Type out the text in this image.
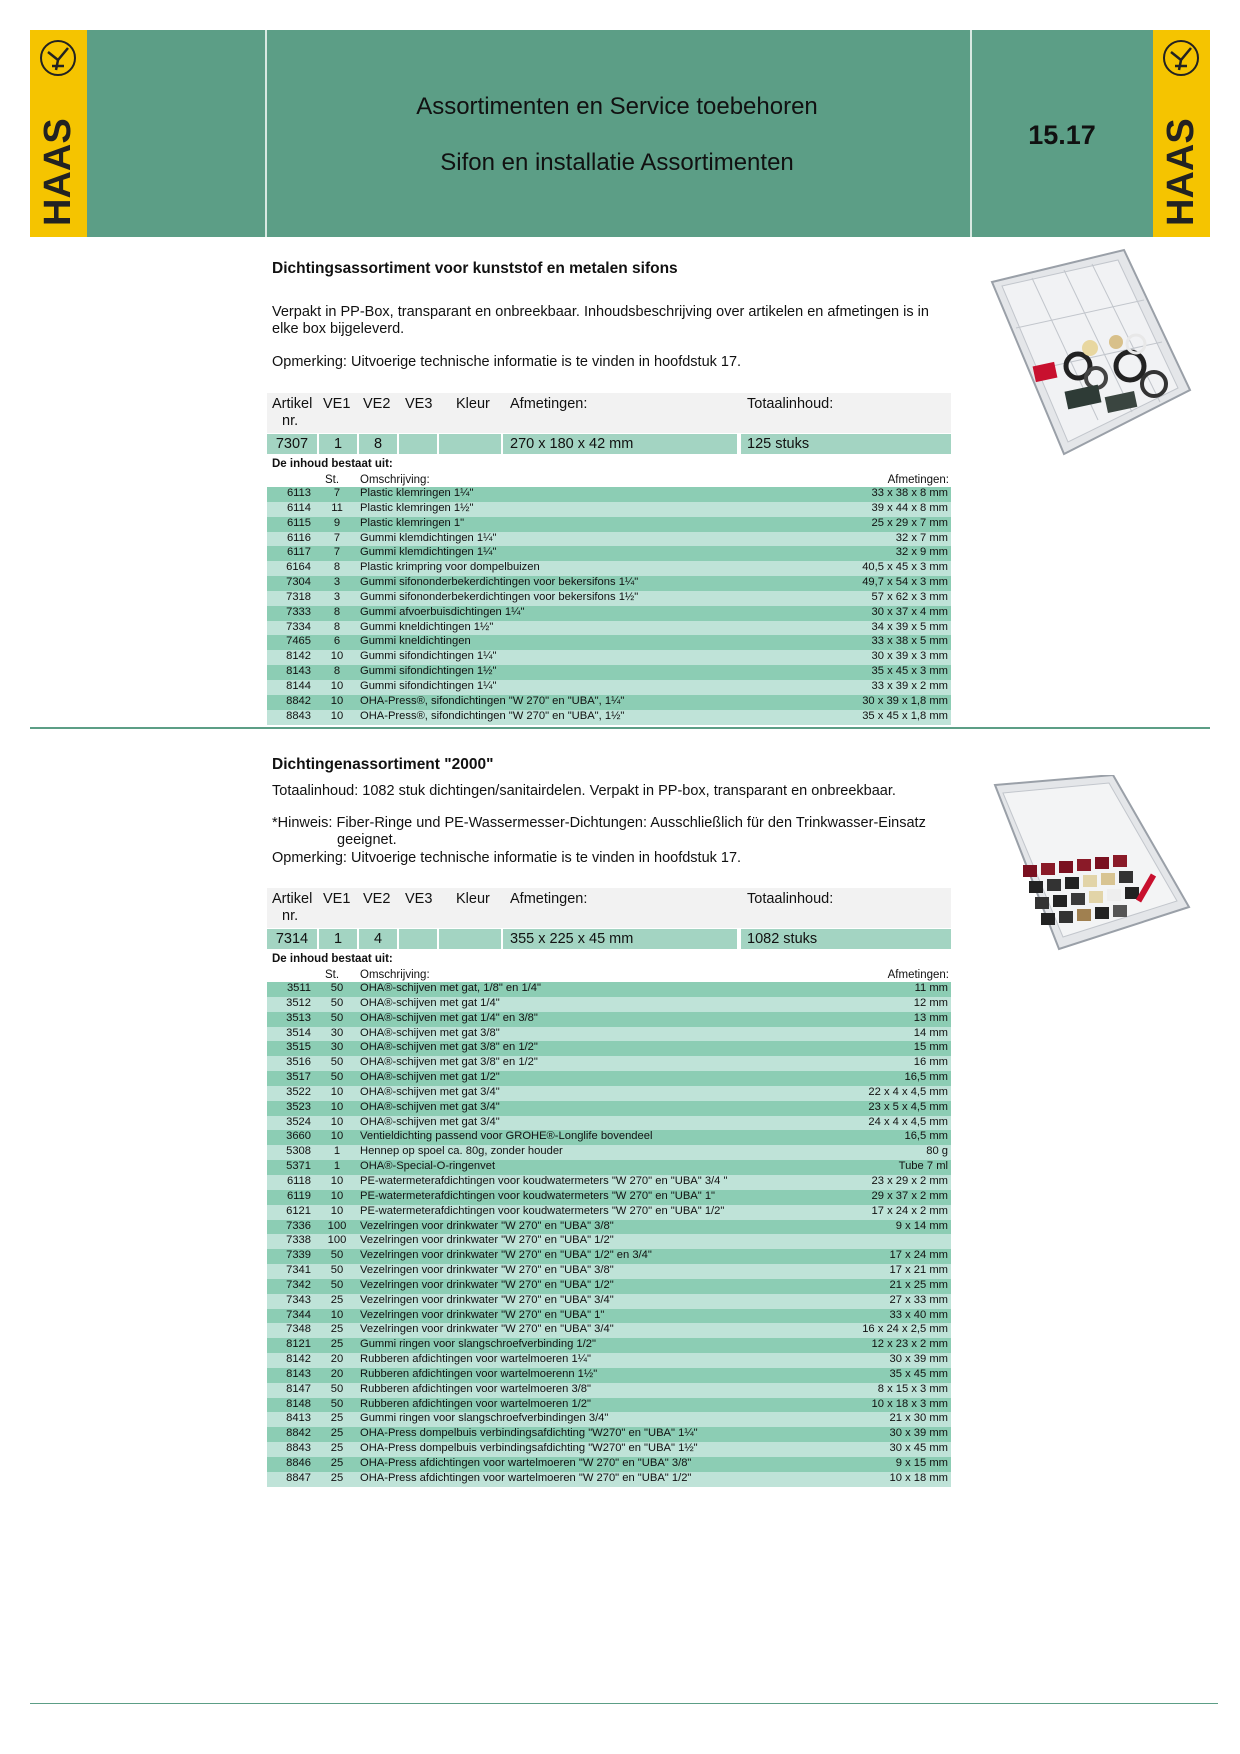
HAAS
Assortimenten en Service toebehoren
Sifon en installatie Assortimenten
15.17	HAAS
Dichtingsassortiment voor kunststof en metalen sifons
Verpakt in PP-Box, transparant en onbreekbaar. Inhoudsbeschrijving over artikelen en afmetingen is in elke box bijgeleverd.
Opmerking: Uitvoerige technische informatie is te vinden in hoofdstuk 17.
Artikel
nr.
VE1 VE2 VE3 Kleur Afmetingen:	Totaalinhoud:
7307	1	8	270 x 180 x 42 mm	125 stuks
De inhoud bestaat uit:
St. Omschrijving:	Afmetingen:
6113	7	Plastic klemringen 1¼"	33 x 38 x 8 mm
6114	11	Plastic klemringen 1½"	39 x 44 x 8 mm
6115	9	Plastic klemringen 1"	25 x 29 x 7 mm
6116	7	Gummi klemdichtingen 1¼"	32 x 7 mm
6117	7	Gummi klemdichtingen 1¼"	32 x 9 mm
6164	8	Plastic krimpring voor dompelbuizen	40,5 x 45 x 3 mm
7304	3	Gummi sifononderbekerdichtingen voor bekersifons 1¼"	49,7 x 54 x 3 mm
7318	3	Gummi sifononderbekerdichtingen voor bekersifons 1½"	57 x 62 x 3 mm
7333	8	Gummi afvoerbuisdichtingen 1¼"	30 x 37 x 4 mm
7334	8	Gummi kneldichtingen 1½"	34 x 39 x 5 mm
7465	6	Gummi kneldichtingen	33 x 38 x 5 mm
8142	10	Gummi sifondichtingen 1¼"	30 x 39 x 3 mm
8143	8	Gummi sifondichtingen 1½"	35 x 45 x 3 mm
8144	10	Gummi sifondichtingen 1¼"	33 x 39 x 2 mm
8842	10	OHA-Press®, sifondichtingen "W 270" en "UBA", 1¼"	30 x 39 x 1,8 mm
8843	10	OHA-Press®, sifondichtingen "W 270" en "UBA", 1½"	35 x 45 x 1,8 mm
Dichtingenassortiment "2000"
Totaalinhoud: 1082 stuk dichtingen/sanitairdelen. Verpakt in PP-box, transparant en onbreekbaar.
*Hinweis: Fiber-Ringe und PE-Wassermesser-Dichtungen: Ausschließlich für den Trinkwasser-Einsatz
geeignet.
Opmerking: Uitvoerige technische informatie is te vinden in hoofdstuk 17.
Artikel
nr.
VE1 VE2 VE3 Kleur Afmetingen:	Totaalinhoud:
7314	1	4	355 x 225 x 45 mm	1082 stuks
De inhoud bestaat uit:
St. Omschrijving:	Afmetingen:
3511	50	OHA®-schijven met gat, 1/8" en 1/4"	11 mm
3512	50	OHA®-schijven met gat 1/4"	12 mm
3513	50	OHA®-schijven met gat 1/4" en 3/8"	13 mm
3514	30	OHA®-schijven met gat 3/8"	14 mm
3515	30	OHA®-schijven met gat 3/8" en 1/2"	15 mm
3516	50	OHA®-schijven met gat 3/8" en 1/2"	16 mm
3517	50	OHA®-schijven met gat 1/2"	16,5 mm
3522	10	OHA®-schijven met gat 3/4"	22 x 4 x 4,5 mm
3523	10	OHA®-schijven met gat 3/4"	23 x 5 x 4,5 mm
3524	10	OHA®-schijven met gat 3/4"	24 x 4 x 4,5 mm
3660	10	Ventieldichting passend voor GROHE®-Longlife bovendeel	16,5 mm
5308	1	Hennep op spoel ca. 80g, zonder houder	80 g
5371	1	OHA®-Special-O-ringenvet	Tube 7 ml
6118	10	PE-watermeterafdichtingen voor koudwatermeters "W 270" en "UBA" 3/4 "	23 x 29 x 2 mm
6119	10	PE-watermeterafdichtingen voor koudwatermeters "W 270" en "UBA" 1"	29 x 37 x 2 mm
6121	10	PE-watermeterafdichtingen voor koudwatermeters "W 270" en "UBA" 1/2"	17 x 24 x 2 mm
7336	100	Vezelringen voor drinkwater "W 270" en "UBA" 3/8"	9 x 14 mm
7338	100	Vezelringen voor drinkwater "W 270" en "UBA" 1/2"	
7339	50	Vezelringen voor drinkwater "W 270" en "UBA" 1/2" en 3/4"	17 x 24 mm
7341	50	Vezelringen voor drinkwater "W 270" en "UBA" 3/8"	17 x 21 mm
7342	50	Vezelringen voor drinkwater "W 270" en "UBA" 1/2"	21 x 25 mm
7343	25	Vezelringen voor drinkwater "W 270" en "UBA" 3/4"	27 x 33 mm
7344	10	Vezelringen voor drinkwater "W 270" en "UBA" 1"	33 x 40 mm
7348	25	Vezelringen voor drinkwater "W 270" en "UBA" 3/4"	16 x 24 x 2,5 mm
8121	25	Gummi ringen voor slangschroefverbinding 1/2"	12 x 23 x 2 mm
8142	20	Rubberen afdichtingen voor wartelmoeren 1¼"	30 x 39 mm
8143	20	Rubberen afdichtingen voor wartelmoerenn 1½"	35 x 45 mm
8147	50	Rubberen afdichtingen voor wartelmoeren 3/8"	8 x 15 x 3 mm
8148	50	Rubberen afdichtingen voor wartelmoeren 1/2"	10 x 18 x 3 mm
8413	25	Gummi ringen voor slangschroefverbindingen 3/4"	21 x 30 mm
8842	25	OHA-Press dompelbuis verbindingsafdichting "W270" en "UBA" 1¼"	30 x 39 mm
8843	25	OHA-Press dompelbuis verbindingsafdichting "W270" en "UBA" 1½"	30 x 45 mm
8846	25	OHA-Press afdichtingen voor wartelmoeren "W 270" en "UBA" 3/8"	9 x 15 mm
8847	25	OHA-Press afdichtingen voor wartelmoeren "W 270" en "UBA" 1/2"	10 x 18 mm
